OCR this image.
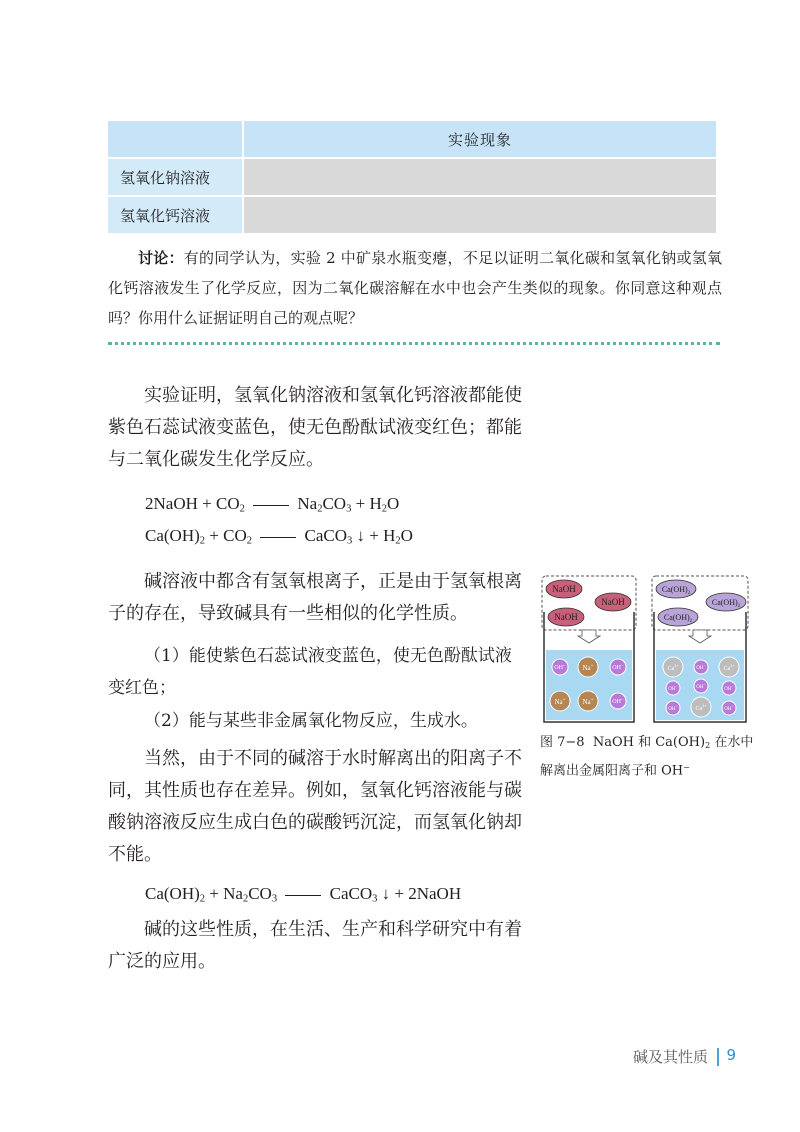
	实验现象
氢氧化钠溶液	
氢氧化钙溶液	
讨论：有的同学认为，实验 2 中矿泉水瓶变瘪，不足以证明二氧化碳和氢氧化钠或氢氧化钙溶液发生了化学反应，因为二氧化碳溶解在水中也会产生类似的现象。你同意这种观点吗？你用什么证据证明自己的观点呢？

实验证明，氢氧化钠溶液和氢氧化钙溶液都能使紫色石蕊试液变蓝色，使无色酚酞试液变红色；都能与二氧化碳发生化学反应。

2NaOH + $CO_2$	$Na_2CO_3 + H_2O$
$Ca(OH)_2 + CO_2$	CaCO$_3$ ↓ + $H_2O$

碱溶液中都含有氢氧根离子，正是由于氢氧根离子的存在，导致碱具有一些相似的化学性质。

（1）能使紫色石蕊试液变蓝色，使无色酚酞试液变红色；

（2）能与某些非金属氧化物反应，生成水。

当然，由于不同的碱溶于水时解离出的阳离子不同，其性质也存在差异。例如，氢氧化钙溶液能与碳酸钠溶液反应生成白色的碳酸钙沉淀，而氢氧化钠却不能。

$Ca(OH)_2 + Na_2CO_3$	CaCO$_3$ ↓ + 2NaOH

碱的这些性质，在生活、生产和科学研究中有着广泛的应用。

NaOH
NaOH
NaOH
OH− Na+	OH−
Na+ Na+	OH−
$Ca(OH)_2$
$Ca(OH)_2$
$Ca(OH)_2$
$Ca^{2+}$
OH−
$Ca^{2+}$
OH−	OH−
OH−
OH−	$Ca^{2+}$
OH−
图 7−8 NaOH 和 $Ca(OH)_2$ 在水中解离出金属阳离子和 OH−
碱及其性质 9
